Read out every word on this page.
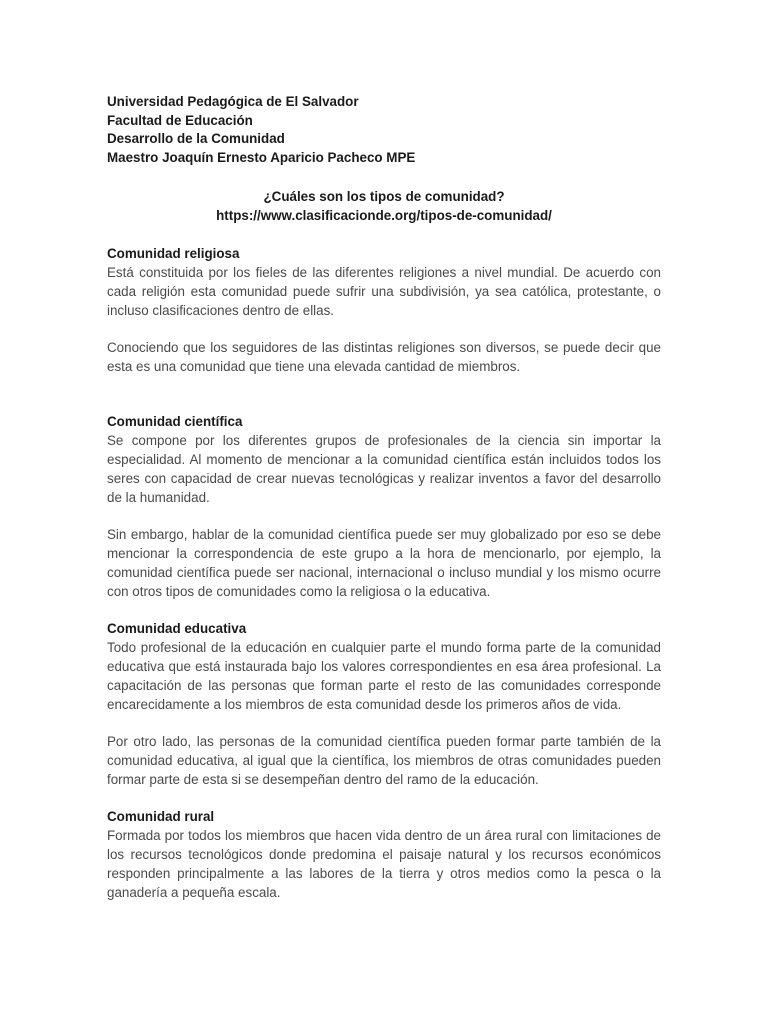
Universidad Pedagógica de El Salvador
Facultad de Educación
Desarrollo de la Comunidad
Maestro Joaquín Ernesto Aparicio Pacheco MPE
¿Cuáles son los tipos de comunidad?
https://www.clasificacionde.org/tipos-de-comunidad/
Comunidad religiosa

Está constituida por los fieles de las diferentes religiones a nivel mundial. De acuerdo con cada religión esta comunidad puede sufrir una subdivisión, ya sea católica, protestante, o incluso clasificaciones dentro de ellas.

Conociendo que los seguidores de las distintas religiones son diversos, se puede decir que esta es una comunidad que tiene una elevada cantidad de miembros.

Comunidad científica

Se compone por los diferentes grupos de profesionales de la ciencia sin importar la especialidad. Al momento de mencionar a la comunidad científica están incluidos todos los seres con capacidad de crear nuevas tecnológicas y realizar inventos a favor del desarrollo de la humanidad.

Sin embargo, hablar de la comunidad científica puede ser muy globalizado por eso se debe mencionar la correspondencia de este grupo a la hora de mencionarlo, por ejemplo, la comunidad científica puede ser nacional, internacional o incluso mundial y los mismo ocurre con otros tipos de comunidades como la religiosa o la educativa.

Comunidad educativa

Todo profesional de la educación en cualquier parte el mundo forma parte de la comunidad educativa que está instaurada bajo los valores correspondientes en esa área profesional. La capacitación de las personas que forman parte el resto de las comunidades corresponde encarecidamente a los miembros de esta comunidad desde los primeros años de vida.

Por otro lado, las personas de la comunidad científica pueden formar parte también de la comunidad educativa, al igual que la científica, los miembros de otras comunidades pueden formar parte de esta si se desempeñan dentro del ramo de la educación.

Comunidad rural

Formada por todos los miembros que hacen vida dentro de un área rural con limitaciones de los recursos tecnológicos donde predomina el paisaje natural y los recursos económicos responden principalmente a las labores de la tierra y otros medios como la pesca o la ganadería a pequeña escala.
